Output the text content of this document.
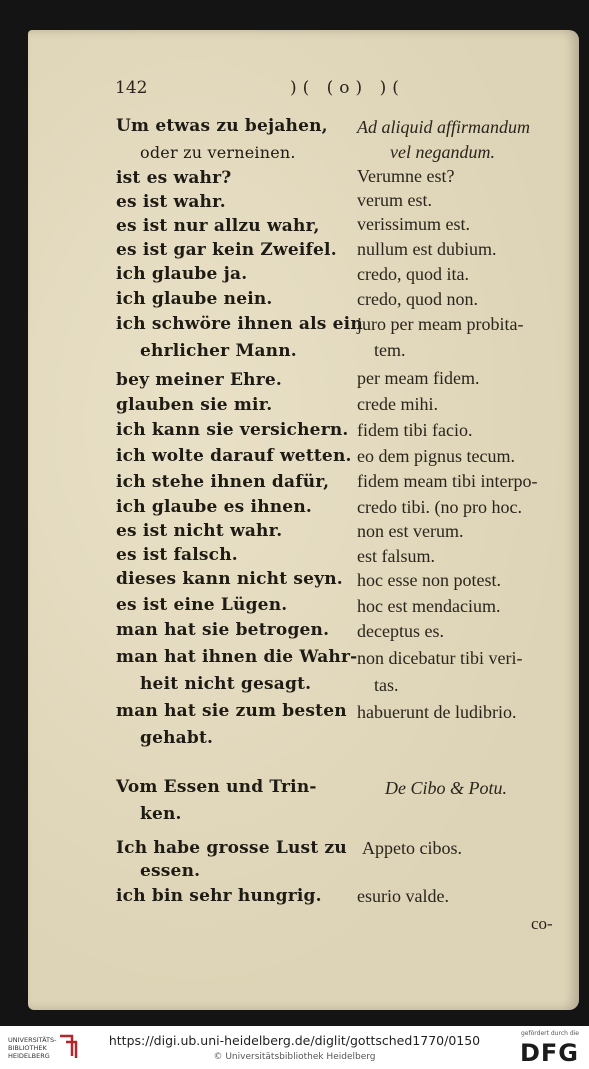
142	)( (o) )(
Um etwas zu bejahen,
oder zu verneinen.
ist es wahr?
es ist wahr.
es ist nur allzu wahr,
es ist gar kein Zweifel.
ich glaube ja.
ich glaube nein.
ich schwöre ihnen als ein
ehrlicher Mann.
bey meiner Ehre.
glauben sie mir.
ich kann sie versichern.
ich wolte darauf wetten.
ich stehe ihnen dafür,
ich glaube es ihnen.
es ist nicht wahr.
es ist falsch.
dieses kann nicht seyn.
es ist eine Lügen.
man hat sie betrogen.
man hat ihnen die Wahr-
heit nicht gesagt.
man hat sie zum besten
gehabt.
Vom Essen und Trin-
ken.
Ich habe grosse Lust zu
essen.
ich bin sehr hungrig.
Ad aliquid affirmandum
vel negandum.
Verumne est?
verum est.
verissimum est.
nullum est dubium.
credo, quod ita.
credo, quod non.
juro per meam probita-
tem.
per meam fidem.
crede mihi.
fidem tibi facio.
eo dem pignus tecum.
fidem meam tibi interpo-
credo tibi. (no pro hoc.
non est verum.
est falsum.
hoc esse non potest.
hoc est mendacium.
deceptus es.
non dicebatur tibi veri-
tas.
habuerunt de ludibrio.
De Cibo & Potu.
Appeto cibos.
esurio valde.
co-
UNIVERSITÄTS-
BIBLIOTHEK
HEIDELBERG
https://digi.ub.uni-heidelberg.de/diglit/gottsched1770/0150
© Universitätsbibliothek Heidelberg
gefördert durch die
DFG
